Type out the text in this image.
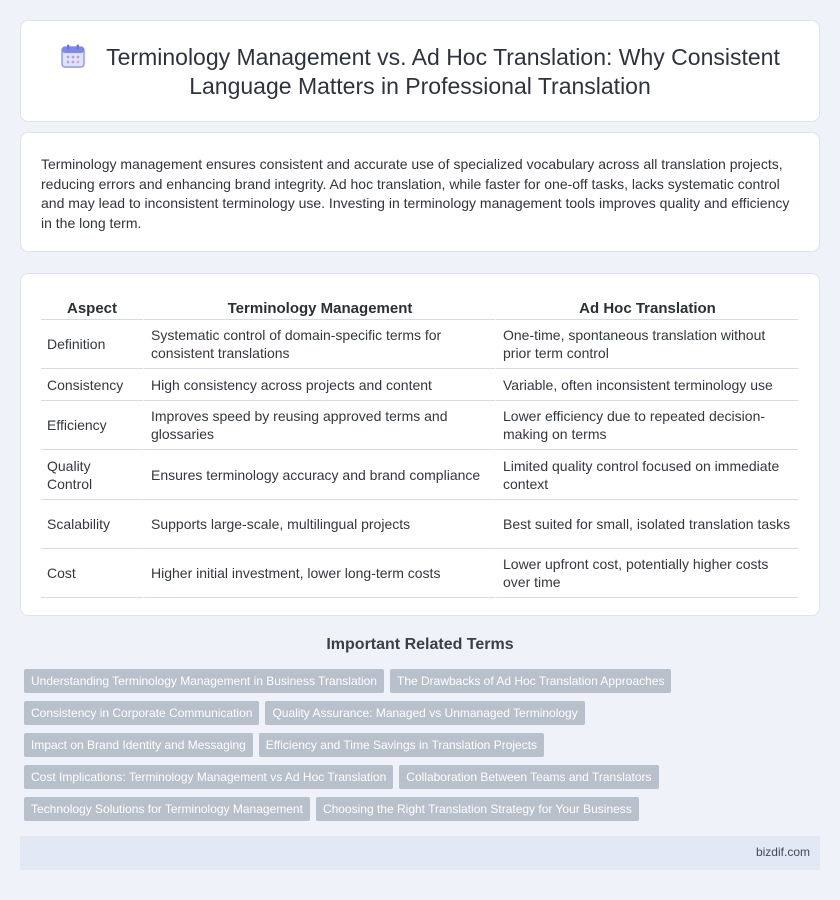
Terminology Management vs. Ad Hoc Translation: Why Consistent Language Matters in Professional Translation

Terminology management ensures consistent and accurate use of specialized vocabulary across all translation projects, reducing errors and enhancing brand integrity. Ad hoc translation, while faster for one-off tasks, lacks systematic control and may lead to inconsistent terminology use. Investing in terminology management tools improves quality and efficiency in the long term.

Aspect	Terminology Management	Ad Hoc Translation
Definition	Systematic control of domain-specific terms for consistent translations	One-time, spontaneous translation without prior term control
Consistency	High consistency across projects and content	Variable, often inconsistent terminology use
Efficiency	Improves speed by reusing approved terms and glossaries	Lower efficiency due to repeated decision-making on terms
Quality Control	Ensures terminology accuracy and brand compliance	Limited quality control focused on immediate context
Scalability	Supports large-scale, multilingual projects	Best suited for small, isolated translation tasks
Cost	Higher initial investment, lower long-term costs	Lower upfront cost, potentially higher costs over time
Important Related Terms
Understanding Terminology Management in Business Translation The Drawbacks of Ad Hoc Translation Approaches
Consistency in Corporate Communication Quality Assurance: Managed vs Unmanaged Terminology
Impact on Brand Identity and Messaging Efficiency and Time Savings in Translation Projects
Cost Implications: Terminology Management vs Ad Hoc Translation Collaboration Between Teams and Translators
Technology Solutions for Terminology Management Choosing the Right Translation Strategy for Your Business
bizdif.com
